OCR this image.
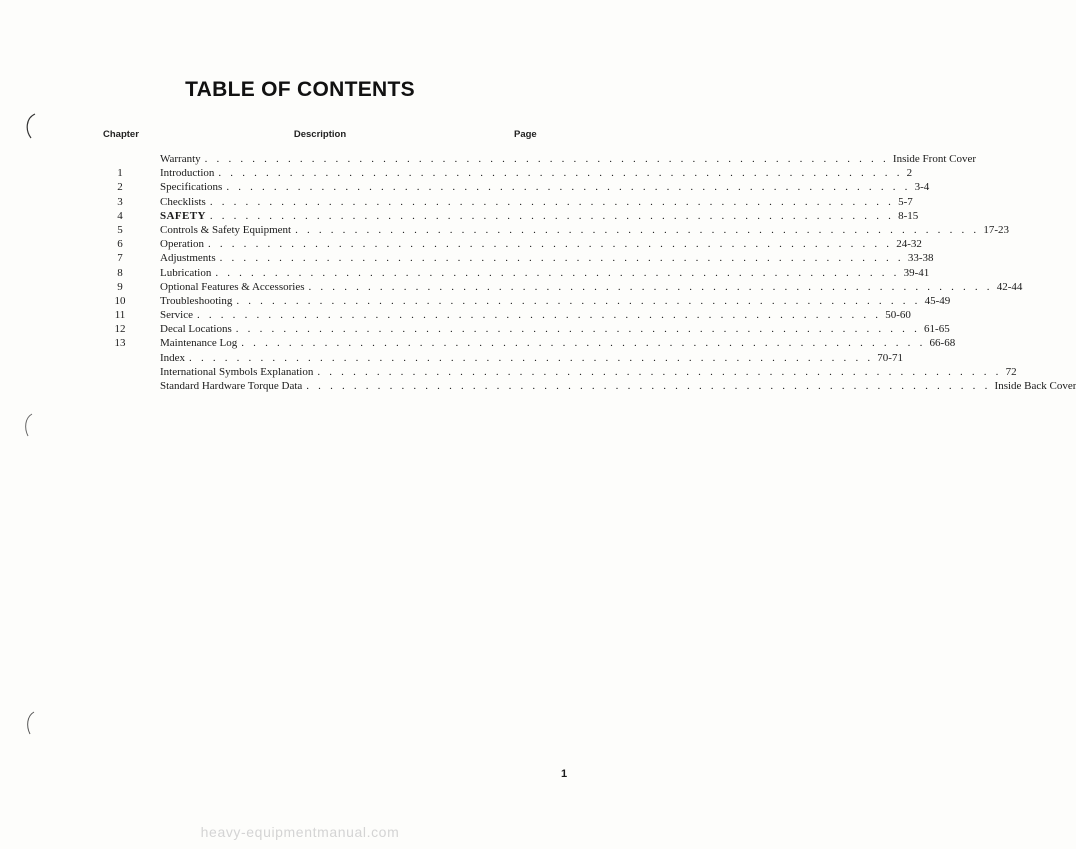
TABLE OF CONTENTS
Chapter	Description	Page
Warranty . . . . . . . . . . . . . . . . . . . . . . . . . . . . . . . . . . . . . . . . . . . . . . . . . . . . . . . . . . Inside Front Cover
1	Introduction . . . . . . . . . . . . . . . . . . . . . . . . . . . . . . . . . . . . . . . . . . . . . . . . . . . . . . . . . . 2
2	Specifications . . . . . . . . . . . . . . . . . . . . . . . . . . . . . . . . . . . . . . . . . . . . . . . . . . . . . . . . . . 3-4
3	Checklists . . . . . . . . . . . . . . . . . . . . . . . . . . . . . . . . . . . . . . . . . . . . . . . . . . . . . . . . . . 5-7
4	SAFETY . . . . . . . . . . . . . . . . . . . . . . . . . . . . . . . . . . . . . . . . . . . . . . . . . . . . . . . . . . 8-15
5	Controls & Safety Equipment . . . . . . . . . . . . . . . . . . . . . . . . . . . . . . . . . . . . . . . . . . . . . . . . . . . . . . . . . . 17-23
6	Operation . . . . . . . . . . . . . . . . . . . . . . . . . . . . . . . . . . . . . . . . . . . . . . . . . . . . . . . . . . 24-32
7	Adjustments . . . . . . . . . . . . . . . . . . . . . . . . . . . . . . . . . . . . . . . . . . . . . . . . . . . . . . . . . . 33-38
8	Lubrication . . . . . . . . . . . . . . . . . . . . . . . . . . . . . . . . . . . . . . . . . . . . . . . . . . . . . . . . . . 39-41
9	Optional Features & Accessories . . . . . . . . . . . . . . . . . . . . . . . . . . . . . . . . . . . . . . . . . . . . . . . . . . . . . . . . . . 42-44
10	Troubleshooting . . . . . . . . . . . . . . . . . . . . . . . . . . . . . . . . . . . . . . . . . . . . . . . . . . . . . . . . . . 45-49
11	Service . . . . . . . . . . . . . . . . . . . . . . . . . . . . . . . . . . . . . . . . . . . . . . . . . . . . . . . . . . 50-60
12	Decal Locations . . . . . . . . . . . . . . . . . . . . . . . . . . . . . . . . . . . . . . . . . . . . . . . . . . . . . . . . . . 61-65
13	Maintenance Log . . . . . . . . . . . . . . . . . . . . . . . . . . . . . . . . . . . . . . . . . . . . . . . . . . . . . . . . . . 66-68
Index . . . . . . . . . . . . . . . . . . . . . . . . . . . . . . . . . . . . . . . . . . . . . . . . . . . . . . . . . . 70-71
International Symbols Explanation . . . . . . . . . . . . . . . . . . . . . . . . . . . . . . . . . . . . . . . . . . . . . . . . . . . . . . . . . . 72
Standard Hardware Torque Data . . . . . . . . . . . . . . . . . . . . . . . . . . . . . . . . . . . . . . . . . . . . . . . . . . . . . . . . . . Inside Back Cover
1
heavy-equipmentmanual.com
